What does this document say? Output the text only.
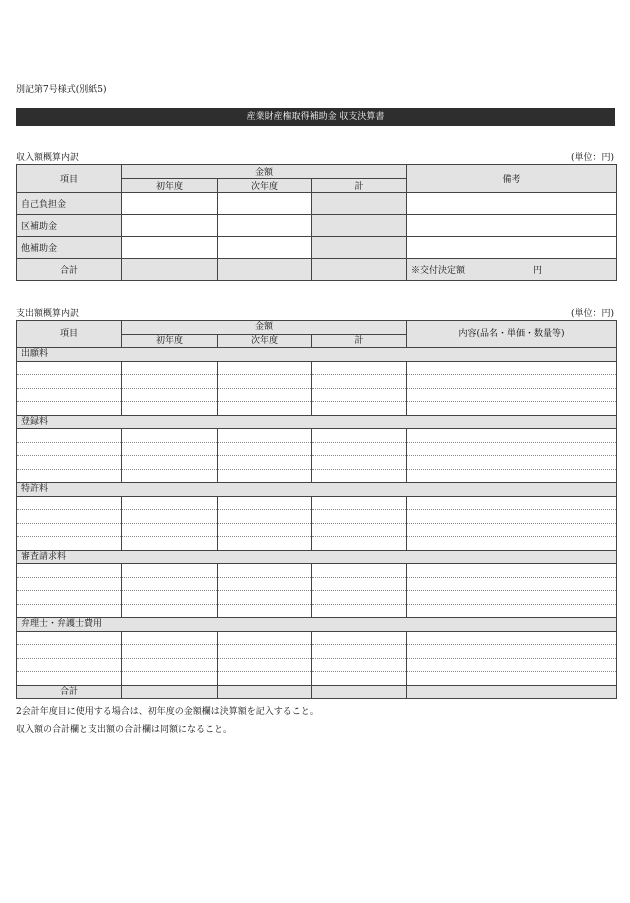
別記第7号様式(別紙5)
産業財産権取得補助金 収支決算書
収入額概算内訳	(単位：円)
項目	金額			備考
	初年度	次年度	計	
自己負担金				
区補助金				
他補助金				
合計				※交付決定額 円
支出額概算内訳	(単位：円)
項目	金額			内容(品名・単価・数量等)
	初年度	次年度	計	
出願料				

登録料				

特許料				

審査請求料				

弁理士・弁護士費用				

合計				
2会計年度目に使用する場合は、初年度の金額欄は決算額を記入すること。
収入額の合計欄と支出額の合計欄は同額になること。
